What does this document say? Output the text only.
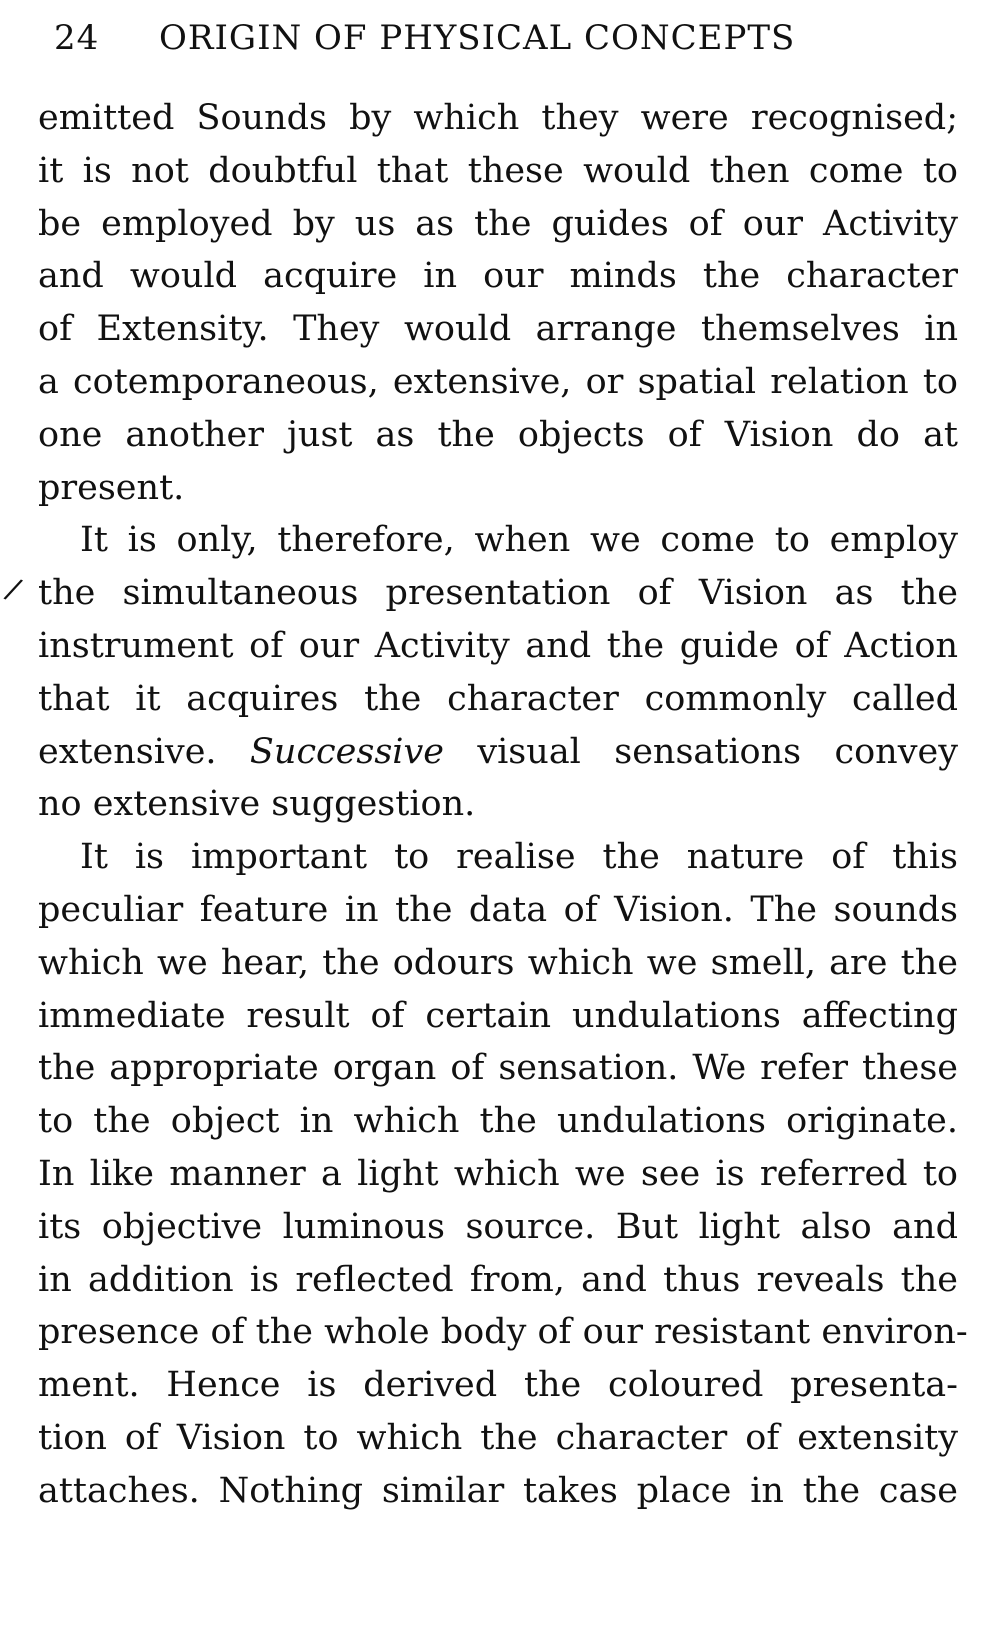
24 ORIGIN OF PHYSICAL CONCEPTS
/
emitted Sounds by which they were recognised;
it is not doubtful that these would then come to
be employed by us as the guides of our Activity
and would acquire in our minds the character
of Extensity. They would arrange themselves in
a cotemporaneous, extensive, or spatial relation to
one another just as the objects of Vision do at
present.
It is only, therefore, when we come to employ
the simultaneous presentation of Vision as the
instrument of our Activity and the guide of Action
that it acquires the character commonly called
extensive. Successive visual sensations convey
no extensive suggestion.
It is important to realise the nature of this
peculiar feature in the data of Vision. The sounds
which we hear, the odours which we smell, are the
immediate result of certain undulations affecting
the appropriate organ of sensation. We refer these
to the object in which the undulations originate.
In like manner a light which we see is referred to
its objective luminous source. But light also and
in addition is reflected from, and thus reveals the
presence of the whole body of our resistant environ-
ment. Hence is derived the coloured presenta-
tion of Vision to which the character of extensity
attaches. Nothing similar takes place in the case
